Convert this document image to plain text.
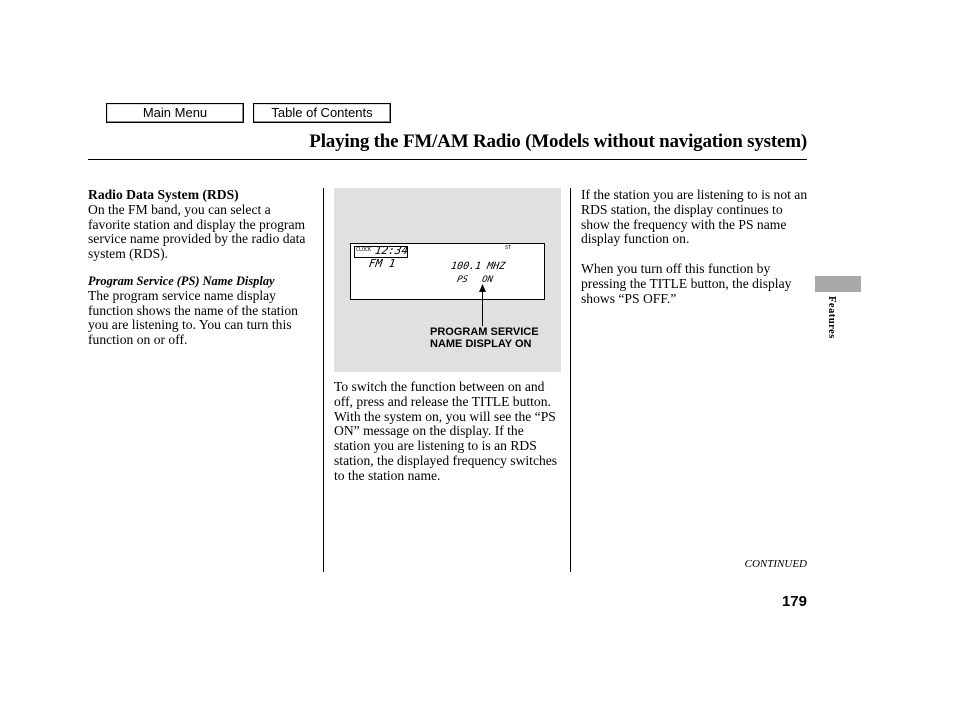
Main Menu	Table of Contents
Playing the FM/AM Radio (Models without navigation system)

Radio Data System (RDS)

On the FM band, you can select a favorite station and display the program service name provided by the radio data system (RDS).

Program Service (PS) Name Display

The program service name display function shows the name of the station you are listening to. You can turn this function on or off.

CLOCK 12:34	ST
FM 1	100.1 MHZ
PS ON
PROGRAM SERVICE
NAME DISPLAY ON

To switch the function between on and off, press and release the TITLE button. With the system on, you will see the “PS ON” message on the display. If the station you are listening to is an RDS station, the displayed frequency switches to the station name.

If the station you are listening to is not an RDS station, the display continues to show the frequency with the PS name display function on.

When you turn off this function by pressing the TITLE button, the display shows “PS OFF.”	Features
CONTINUED
179
